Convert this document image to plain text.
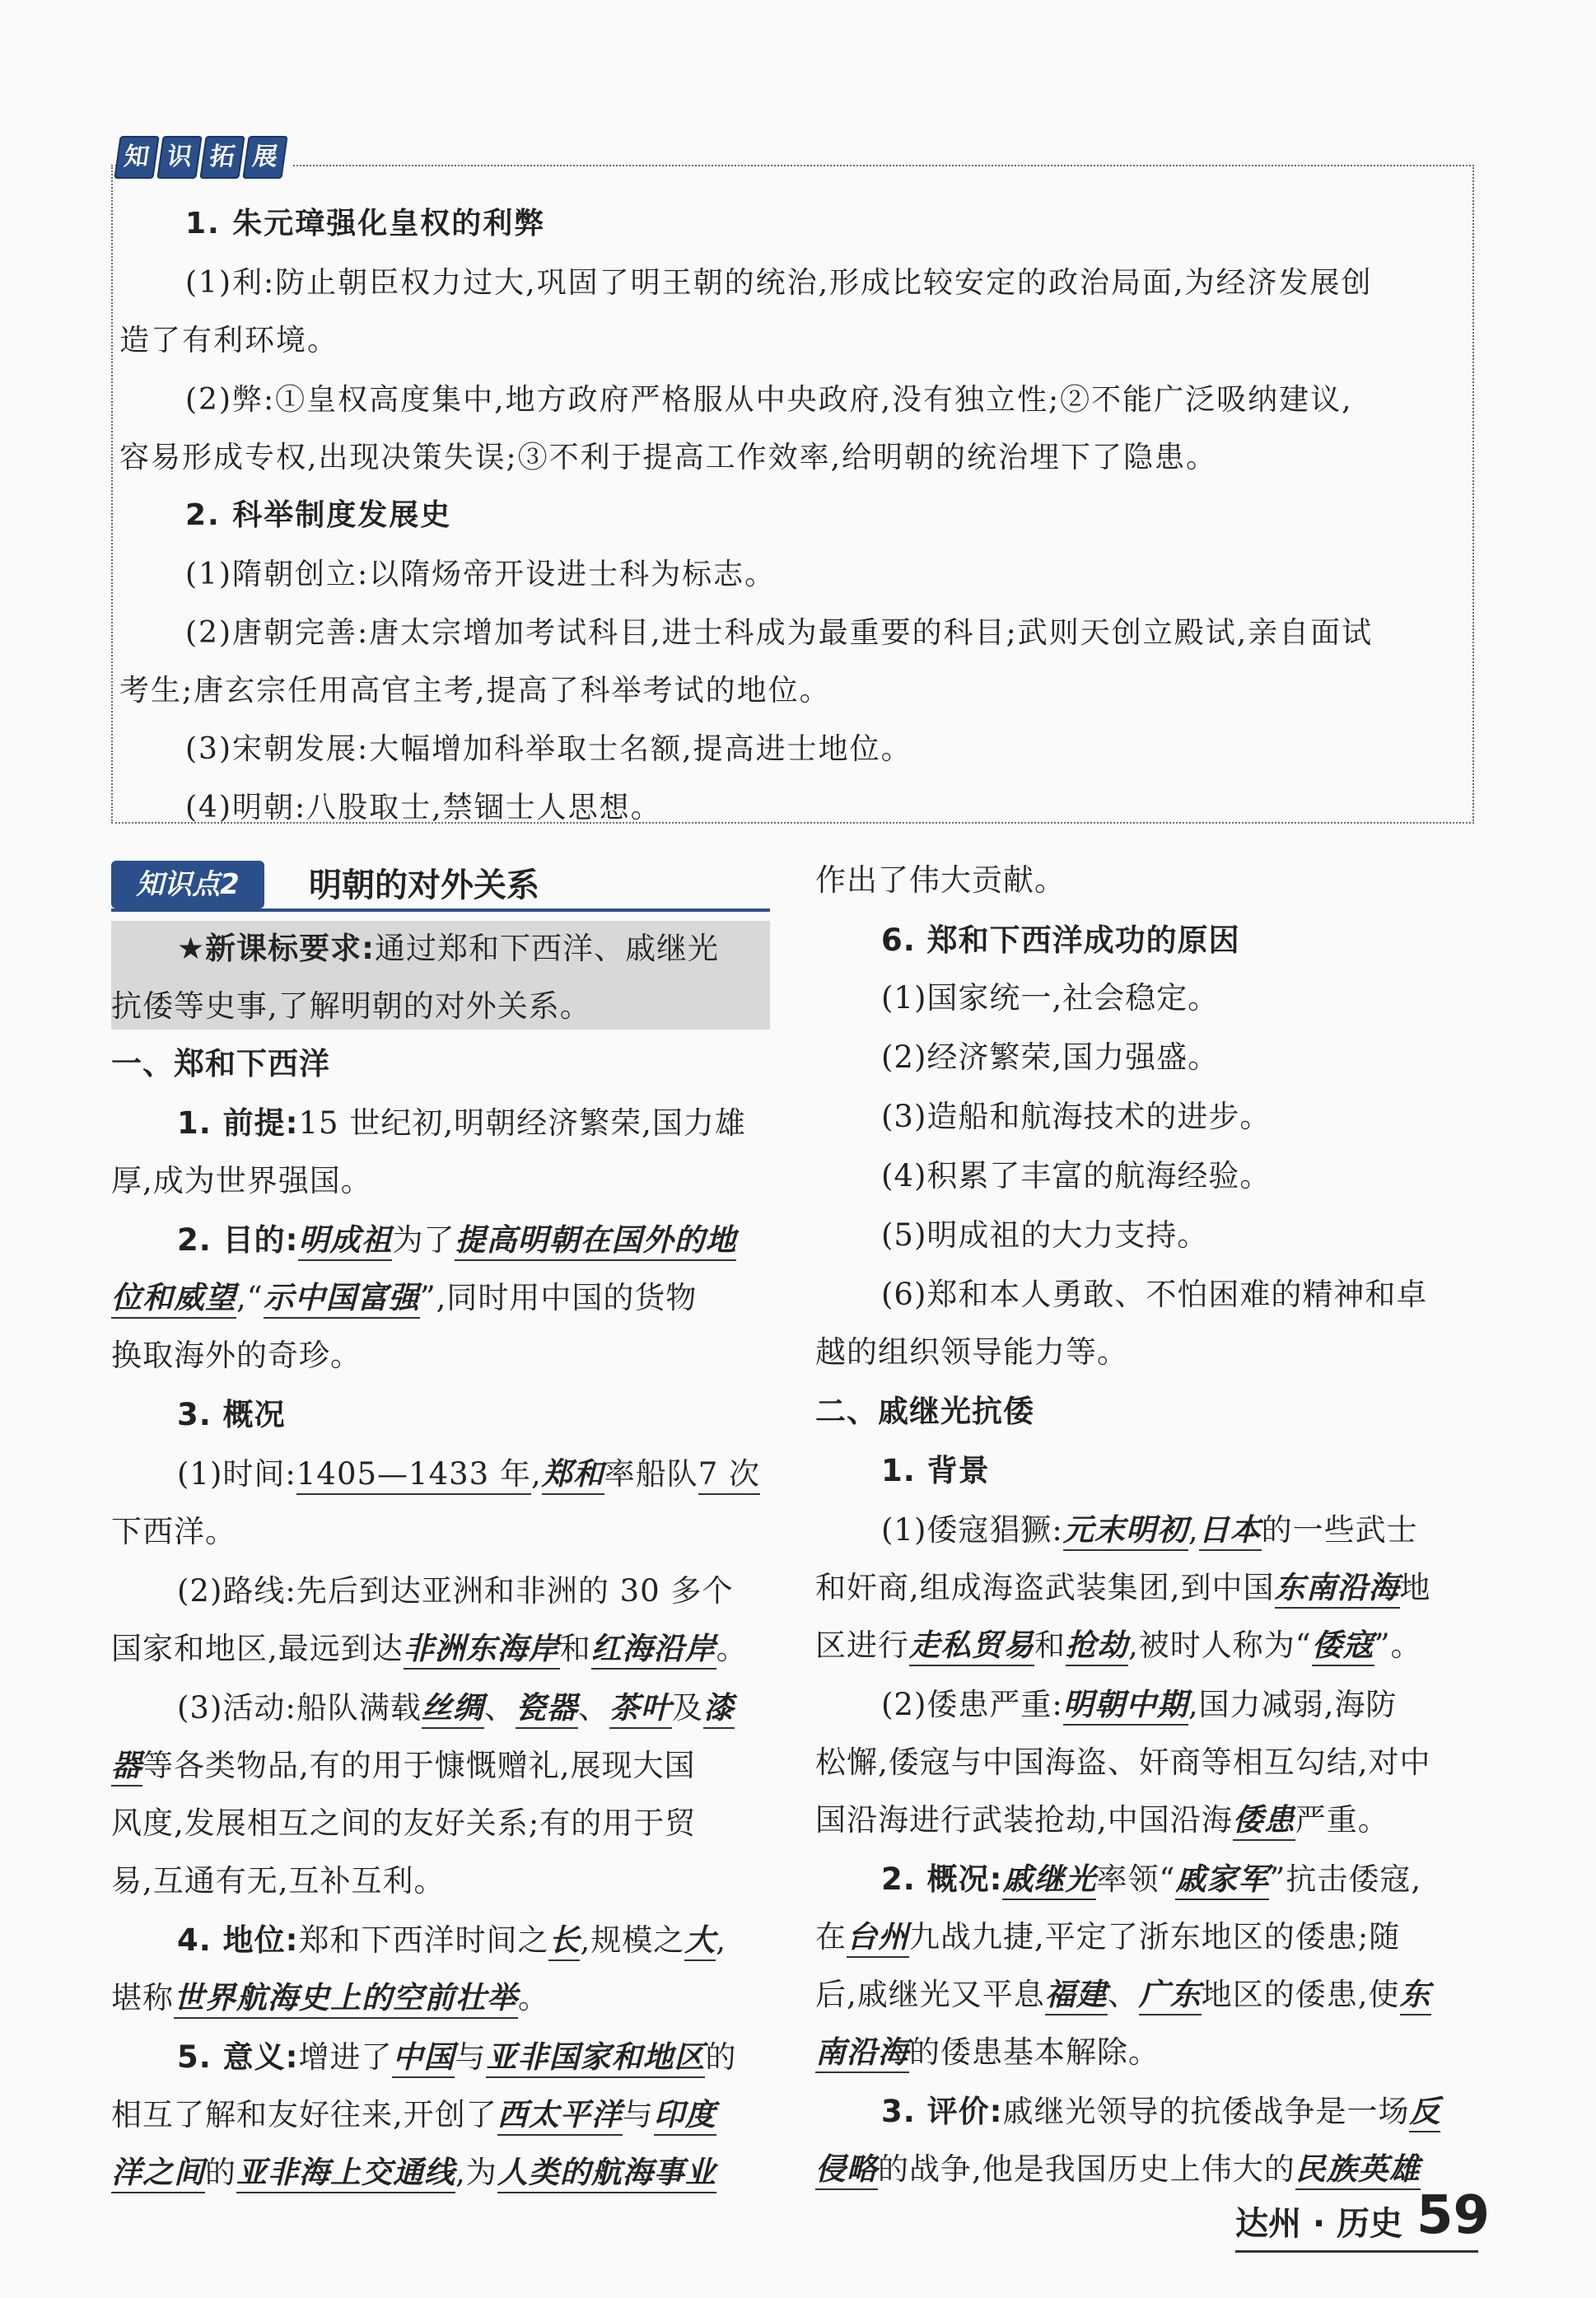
知 识 拓 展
1. 朱元璋强化皇权的利弊
(1)利:防止朝臣权力过大,巩固了明王朝的统治,形成比较安定的政治局面,为经济发展创
造了有利环境。
(2)弊:①皇权高度集中,地方政府严格服从中央政府,没有独立性;②不能广泛吸纳建议,
容易形成专权,出现决策失误;③不利于提高工作效率,给明朝的统治埋下了隐患。
2. 科举制度发展史
(1)隋朝创立:以隋炀帝开设进士科为标志。
(2)唐朝完善:唐太宗增加考试科目,进士科成为最重要的科目;武则天创立殿试,亲自面试
考生;唐玄宗任用高官主考,提高了科举考试的地位。
(3)宋朝发展:大幅增加科举取士名额,提高进士地位。
(4)明朝:八股取士,禁锢士人思想。
知识点2	明朝的对外关系
★新课标要求:通过郑和下西洋、戚继光
抗倭等史事,了解明朝的对外关系。
一、郑和下西洋
1. 前提:15 世纪初,明朝经济繁荣,国力雄
厚,成为世界强国。
2. 目的:明成祖为了提高明朝在国外的地
位和威望,“示中国富强”,同时用中国的货物
换取海外的奇珍。
3. 概况
(1)时间:1405—1433 年,郑和率船队7 次
下西洋。
(2)路线:先后到达亚洲和非洲的 30 多个
国家和地区,最远到达非洲东海岸和红海沿岸。
(3)活动:船队满载丝绸、瓷器、茶叶及漆
器等各类物品,有的用于慷慨赠礼,展现大国
风度,发展相互之间的友好关系;有的用于贸
易,互通有无,互补互利。
4. 地位:郑和下西洋时间之长,规模之大,
堪称世界航海史上的空前壮举。
5. 意义:增进了中国与亚非国家和地区的
相互了解和友好往来,开创了西太平洋与印度
洋之间的亚非海上交通线,为人类的航海事业
作出了伟大贡献。
6. 郑和下西洋成功的原因
(1)国家统一,社会稳定。
(2)经济繁荣,国力强盛。
(3)造船和航海技术的进步。
(4)积累了丰富的航海经验。
(5)明成祖的大力支持。
(6)郑和本人勇敢、不怕困难的精神和卓
越的组织领导能力等。
二、戚继光抗倭
1. 背景
(1)倭寇猖獗:元末明初,日本的一些武士
和奸商,组成海盗武装集团,到中国东南沿海地
区进行走私贸易和抢劫,被时人称为“倭寇”。
(2)倭患严重:明朝中期,国力减弱,海防
松懈,倭寇与中国海盗、奸商等相互勾结,对中
国沿海进行武装抢劫,中国沿海倭患严重。
2. 概况:戚继光率领“戚家军”抗击倭寇,
在台州九战九捷,平定了浙东地区的倭患;随
后,戚继光又平息福建、广东地区的倭患,使东
南沿海的倭患基本解除。
3. 评价:戚继光领导的抗倭战争是一场反
侵略的战争,他是我国历史上伟大的民族英雄
达州 · 历史 59
